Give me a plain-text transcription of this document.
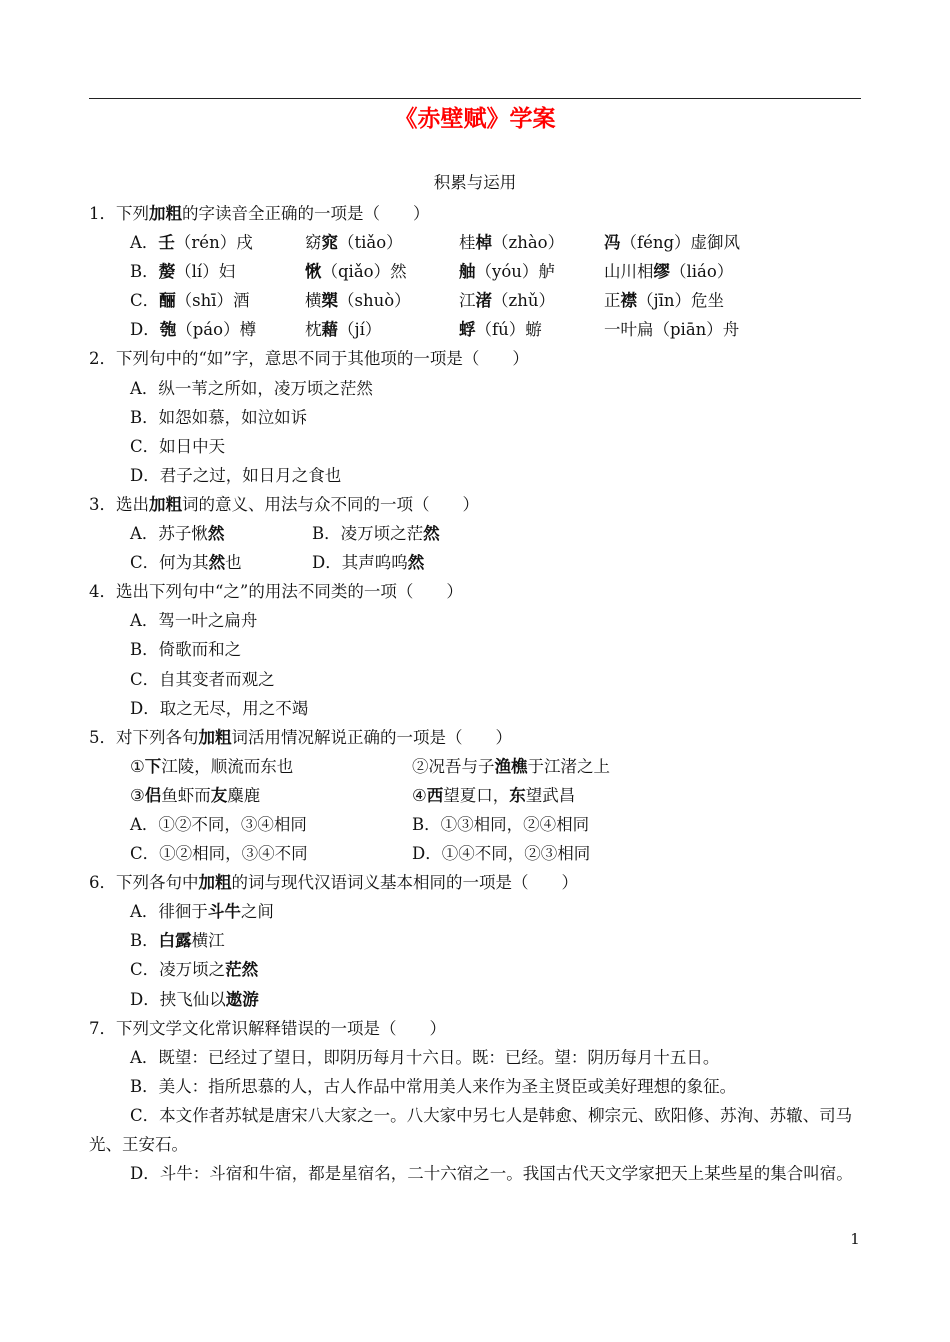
《赤壁赋》学案
积累与运用
1．下列加粗的字读音全正确的一项是（　　）
A．壬（rén）戌	窈窕（tiǎo）	桂棹（zhào） 冯（féng）虚御风
B．嫠（lí）妇	愀（qiǎo）然	舳（yóu）舻	山川相缪（liáo）
C．酾（shī）酒	横槊（shuò）	江渚（zhǔ）	正襟（jīn）危坐
D．匏（páo）樽	枕藉（jí）	蜉（fú）蝣	一叶扁（piān）舟
2．下列句中的“如”字，意思不同于其他项的一项是（　　）
A．纵一苇之所如，凌万顷之茫然
B．如怨如慕，如泣如诉
C．如日中天
D．君子之过，如日月之食也
3．选出加粗词的意义、用法与众不同的一项（　　）
A．苏子愀然	B．凌万顷之茫然
C．何为其然也	D．其声呜呜然
4．选出下列句中“之”的用法不同类的一项（　　）
A．驾一叶之扁舟
B．倚歌而和之
C．自其变者而观之
D．取之无尽，用之不竭
5．对下列各句加粗词活用情况解说正确的一项是（　　）
①下江陵，顺流而东也	②况吾与子渔樵于江渚之上
③侣鱼虾而友麋鹿	④西望夏口，东望武昌
A．①②不同，③④相同	B．①③相同，②④相同
C．①②相同，③④不同	D．①④不同，②③相同
6．下列各句中加粗的词与现代汉语词义基本相同的一项是（　　）
A．徘徊于斗牛之间
B．白露横江
C．凌万顷之茫然
D．挟飞仙以遨游
7．下列文学文化常识解释错误的一项是（　　）
A．既望：已经过了望日，即阴历每月十六日。既：已经。望：阴历每月十五日。
B．美人：指所思慕的人，古人作品中常用美人来作为圣主贤臣或美好理想的象征。
C．本文作者苏轼是唐宋八大家之一。八大家中另七人是韩愈、柳宗元、欧阳修、苏洵、苏辙、司马光、王安石。
D．斗牛：斗宿和牛宿，都是星宿名，二十六宿之一。我国古代天文学家把天上某些星的集合叫宿。
1
